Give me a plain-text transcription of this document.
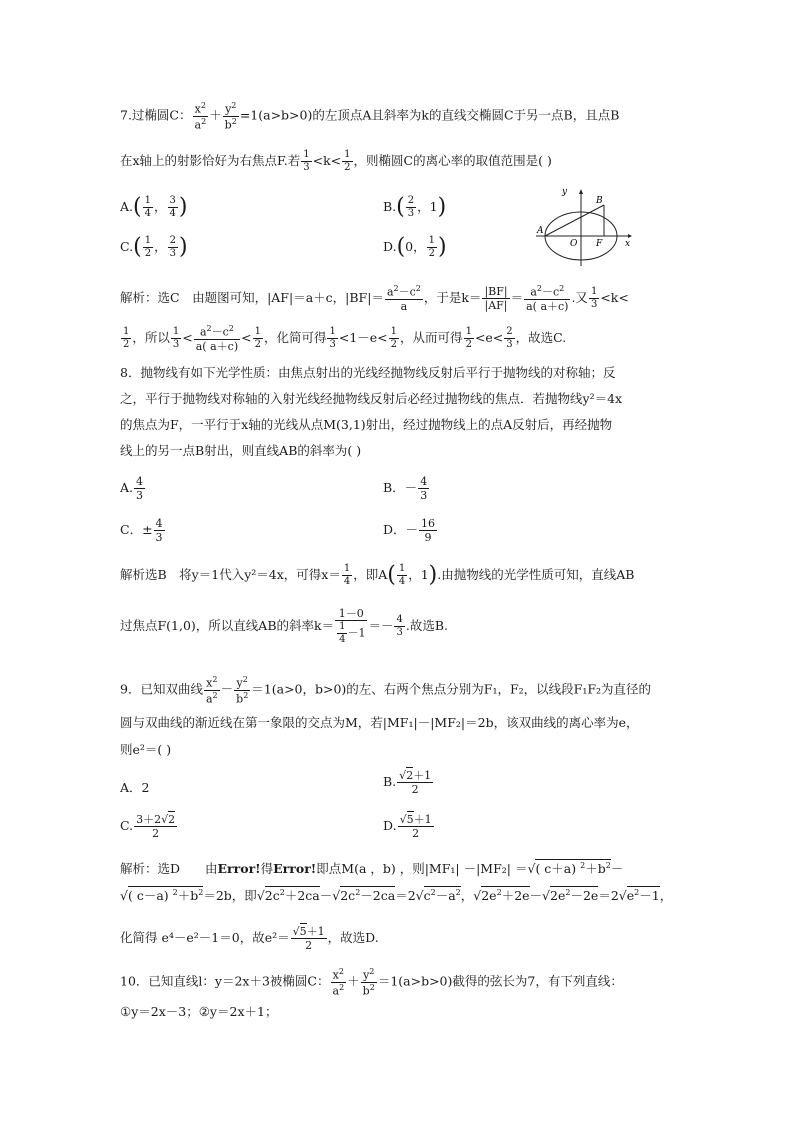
7.过椭圆C： $\frac{x^2}{a^2} + \frac{y^2}{b^2} =1(a>b>0)$的左顶点A且斜率为k的直线交椭圆C于另一点B，且点B
在x轴上的射影恰好为右焦点F.若 $\frac{1}{3} <k< \frac{1}{2}$ ，则椭圆C的离心率的取值范围是( )
$A.( \frac{1}{4}$ ， $\frac{3}{4}$ )	$B.( \frac{2}{3}$ ，1)
$C.( \frac{1}{2}$ ， $\frac{2}{3}$ )	D.(0， $\frac{1}{2}$ )
y
B
A
O F	x
解析：选C　由题图可知，|AF|＝a＋c，$|BF|= \frac{a^2-c^2}{a}$ ，于是$k= \frac{|BF|}{|AF|} = \frac{a^2-c^2}{a( a+c)}$ .又 $\frac{1}{3} <k<$
$\frac{1}{2}$ ，所以 $\frac{1}{3} < \frac{a^2-c^2}{a( a+c)} < \frac{1}{2}$ ，化简可得 $\frac{1}{3} <1-e< \frac{1}{2}$ ，从而可得 $\frac{1}{2} <e< \frac{2}{3}$ ，故选C.
8．抛物线有如下光学性质：由焦点射出的光线经抛物线反射后平行于抛物线的对称轴；反
之，平行于抛物线对称轴的入射光线经抛物线反射后必经过抛物线的焦点．若抛物线y²＝4x
的焦点为F，一平行于x轴的光线从点M(3,1)射出，经过抛物线上的点A反射后，再经抛物
线上的另一点B射出，则直线AB的斜率为( )
A. $\frac{4}{3}$	B．－ $\frac{4}{3}$
C．± $\frac{4}{3}$	D．－ $\frac{16}{9}$
解析选B　将y＝1代入y²＝4x，可得$x= \frac{1}{4}$ ，即$A( \frac{1}{4}$ ，1).由抛物线的光学性质可知，直线AB
过焦点F(1,0)，所以直线AB的斜率$k= \frac{1-0}{\frac{1}{4} -1} =- \frac{4}{3}$ .故选B.
9．已知双曲线 $\frac{x^2}{a^2} - \frac{y^2}{b^2} =1(a>0$，b>0)的左、右两个焦点分别为F₁，F₂，以线段F₁F₂为直径的
圆与双曲线的渐近线在第一象限的交点为M，若|MF₁|－|MF₂|＝2b，该双曲线的离心率为e，
则e²＝( )
A．2	B. $\frac{√2+1}{2}$
C. $\frac{3+2√2}{2}$	D. $\frac{√5+1}{2}$
解析：选D　　由Error!得Error!即点M(a ，b) ，则|MF₁| －|MF₂| ＝√( c＋a) $^2+b^2-$
√( c－a) $^2+b^2=2b$，即$√2c^2+2ca-√2c^2-2ca=2√c^2-a^2$，$√2e^2+2e-√2e^2-2e=2√e^2-1$，
化简得 e⁴－e²－1＝0，故$e^2= \frac{√5+1}{2}$ ，故选D.
10．已知直线l：y＝2x＋3被椭圆C： $\frac{x^2}{a^2} + \frac{y^2}{b^2} =1(a>b>0)$截得的弦长为7，有下列直线：
①y＝2x－3；②y＝2x＋1；
